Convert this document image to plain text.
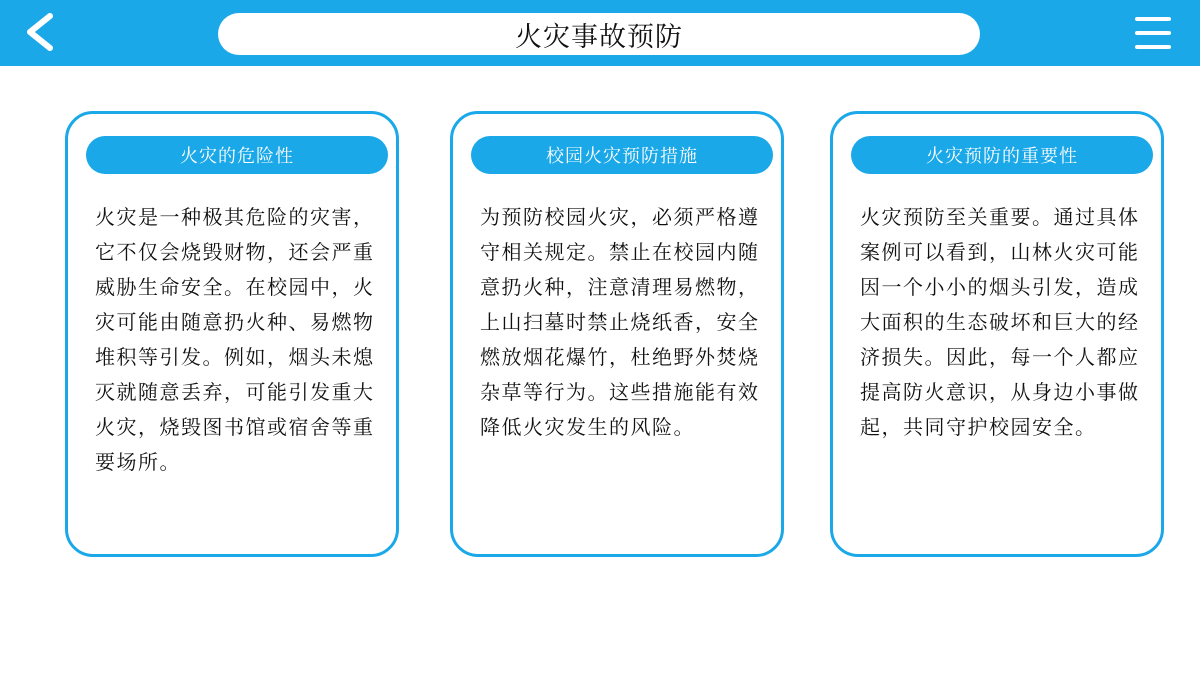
火灾事故预防
火灾的危险性

火灾是一种极其危险的灾害，它不仅会烧毁财物，还会严重威胁生命安全。在校园中，火灾可能由随意扔火种、易燃物堆积等引发。例如，烟头未熄灭就随意丢弃，可能引发重大火灾，烧毁图书馆或宿舍等重要场所。

校园火灾预防措施

为预防校园火灾，必须严格遵守相关规定。禁止在校园内随意扔火种，注意清理易燃物，上山扫墓时禁止烧纸香，安全燃放烟花爆竹，杜绝野外焚烧杂草等行为。这些措施能有效降低火灾发生的风险。

火灾预防的重要性

火灾预防至关重要。通过具体案例可以看到，山林火灾可能因一个小小的烟头引发，造成大面积的生态破坏和巨大的经济损失。因此，每一个人都应提高防火意识，从身边小事做起，共同守护校园安全。
